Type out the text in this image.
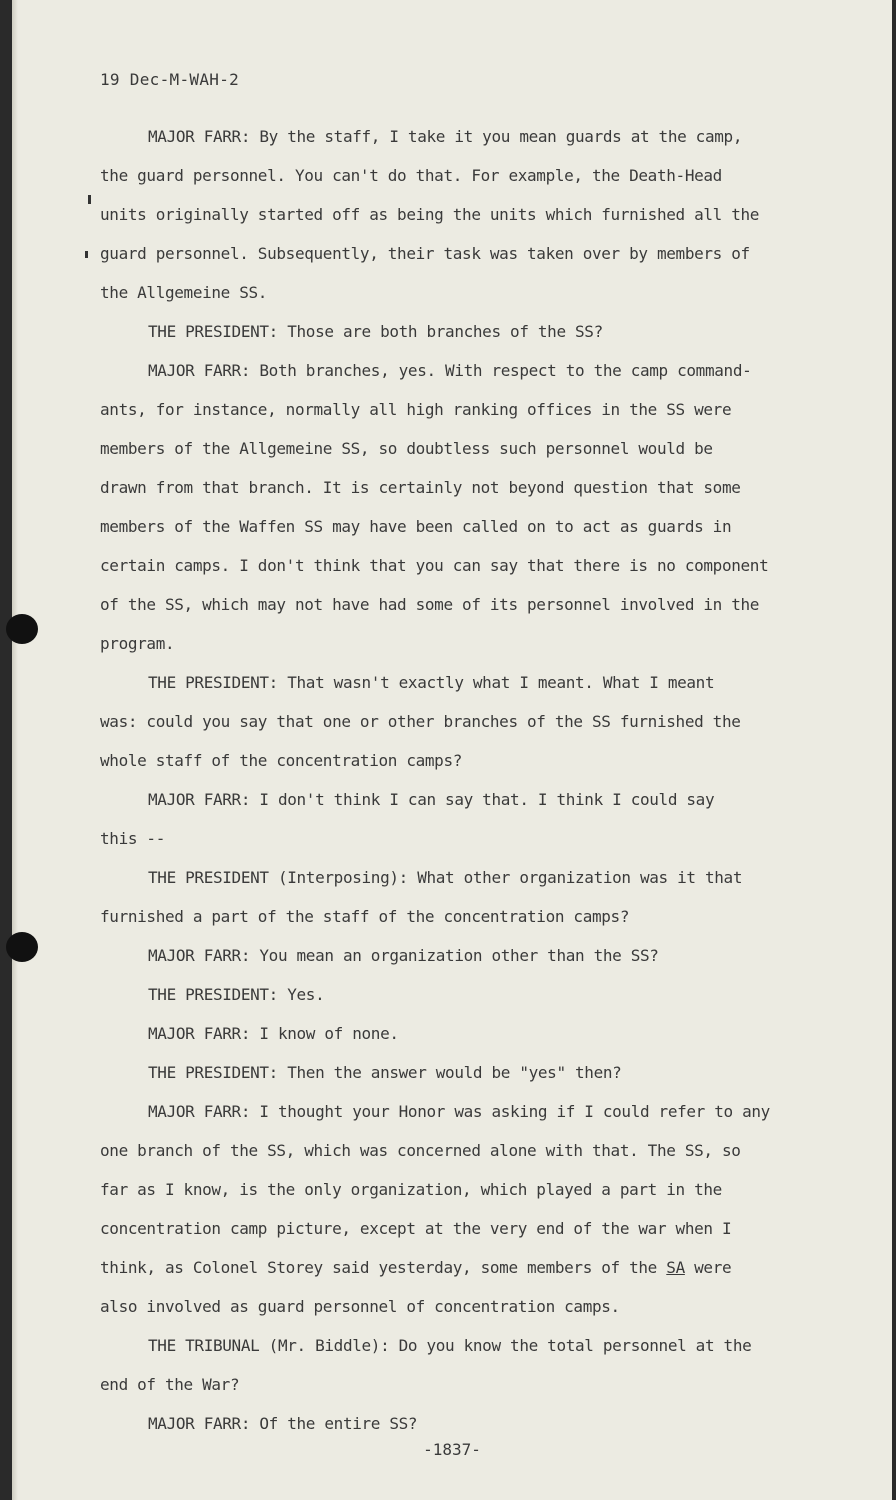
19 Dec-M-WAH-2
MAJOR FARR: By the staff, I take it you mean guards at the camp,
the guard personnel. You can't do that. For example, the Death-Head
units originally started off as being the units which furnished all the
guard personnel. Subsequently, their task was taken over by members of
the Allgemeine SS.
THE PRESIDENT: Those are both branches of the SS?
MAJOR FARR: Both branches, yes. With respect to the camp command-
ants, for instance, normally all high ranking offices in the SS were
members of the Allgemeine SS, so doubtless such personnel would be
drawn from that branch. It is certainly not beyond question that some
members of the Waffen SS may have been called on to act as guards in
certain camps. I don't think that you can say that there is no component
of the SS, which may not have had some of its personnel involved in the
program.
THE PRESIDENT: That wasn't exactly what I meant. What I meant
was: could you say that one or other branches of the SS furnished the
whole staff of the concentration camps?
MAJOR FARR: I don't think I can say that. I think I could say
this --
THE PRESIDENT (Interposing): What other organization was it that
furnished a part of the staff of the concentration camps?
MAJOR FARR: You mean an organization other than the SS?
THE PRESIDENT: Yes.
MAJOR FARR: I know of none.
THE PRESIDENT: Then the answer would be "yes" then?
MAJOR FARR: I thought your Honor was asking if I could refer to any
one branch of the SS, which was concerned alone with that. The SS, so
far as I know, is the only organization, which played a part in the
concentration camp picture, except at the very end of the war when I
think, as Colonel Storey said yesterday, some members of the SA were
also involved as guard personnel of concentration camps.
THE TRIBUNAL (Mr. Biddle): Do you know the total personnel at the
end of the War?
MAJOR FARR: Of the entire SS?
-1837-
